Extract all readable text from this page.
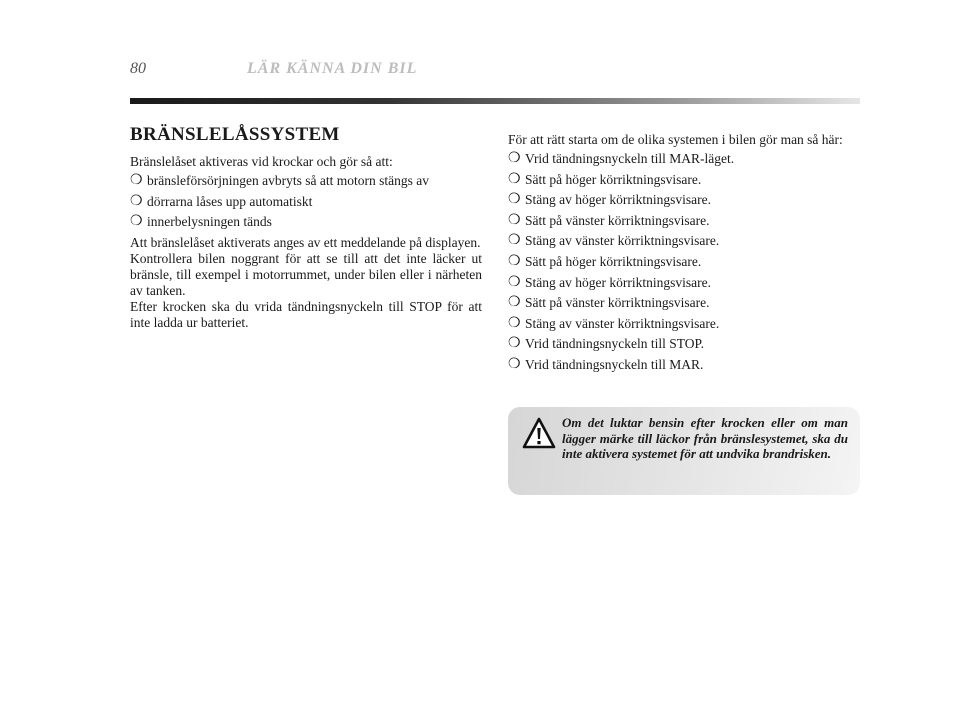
80	LÄR KÄNNA DIN BIL
BRÄNSLELÅSSYSTEM

Bränslelåset aktiveras vid krockar och gör så att:

❍ bränsleförsörjningen avbryts så att motorn stängs av
❍ dörrarna låses upp automatiskt
❍ innerbelysningen tänds

Att bränslelåset aktiverats anges av ett meddelande på displayen.

Kontrollera bilen noggrant för att se till att det inte läcker ut bränsle, till exempel i motorrummet, under bilen eller i närheten av tanken.

Efter krocken ska du vrida tändningsnyckeln till STOP för att inte ladda ur batteriet.

För att rätt starta om de olika systemen i bilen gör man så här:

❍ Vrid tändningsnyckeln till MAR-läget.
❍ Sätt på höger körriktningsvisare.
❍ Stäng av höger körriktningsvisare.
❍ Sätt på vänster körriktningsvisare.
❍ Stäng av vänster körriktningsvisare.
❍ Sätt på höger körriktningsvisare.
❍ Stäng av höger körriktningsvisare.
❍ Sätt på vänster körriktningsvisare.
❍ Stäng av vänster körriktningsvisare.
❍ Vrid tändningsnyckeln till STOP.
❍ Vrid tändningsnyckeln till MAR.

Om det luktar bensin efter krocken eller om man lägger märke till läckor från bränslesystemet, ska du inte aktivera systemet för att undvika brandrisken.
